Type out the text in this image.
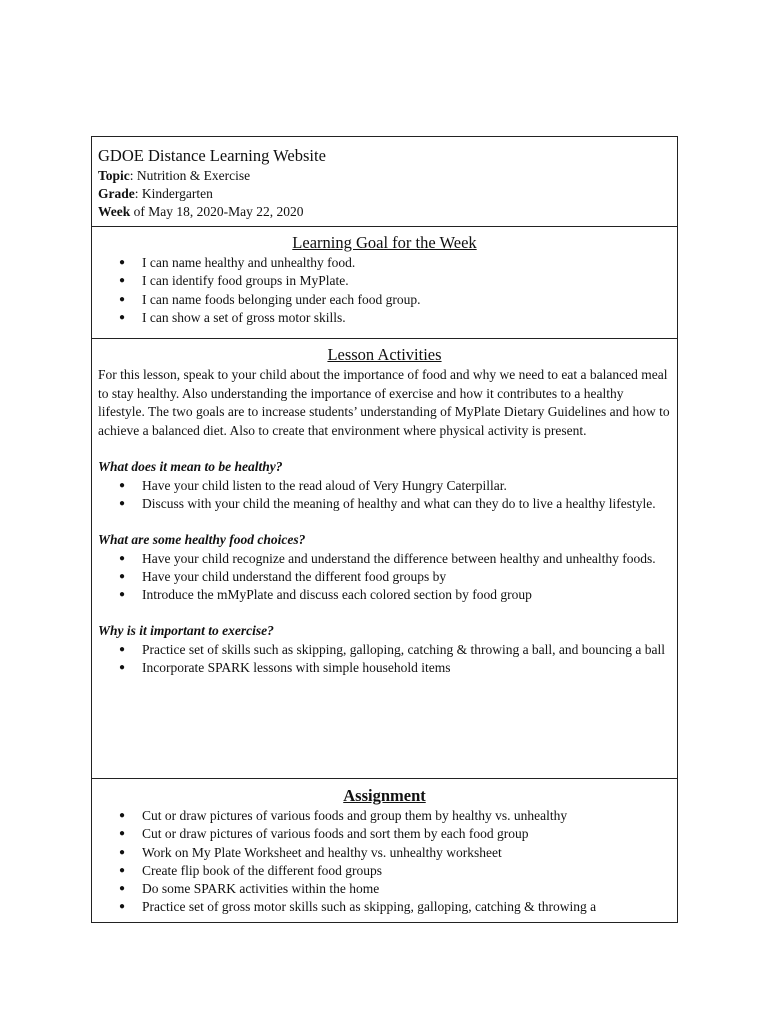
GDOE Distance Learning Website

Topic: Nutrition & Exercise

Grade: Kindergarten

Week of May 18, 2020-May 22, 2020

Learning Goal for the Week

● I can name healthy and unhealthy food.
● I can identify food groups in MyPlate.
● I can name foods belonging under each food group.
● I can show a set of gross motor skills.

Lesson Activities

For this lesson, speak to your child about the importance of food and why we need to eat a balanced meal to stay healthy. Also understanding the importance of exercise and how it contributes to a healthy lifestyle. The two goals are to increase students’ understanding of MyPlate Dietary Guidelines and how to achieve a balanced diet. Also to create that environment where physical activity is present.

What does it mean to be healthy?

● Have your child listen to the read aloud of Very Hungry Caterpillar.
● Discuss with your child the meaning of healthy and what can they do to live a healthy lifestyle.

What are some healthy food choices?

● Have your child recognize and understand the difference between healthy and unhealthy foods.
● Have your child understand the different food groups by
● Introduce the mMyPlate and discuss each colored section by food group

Why is it important to exercise?

● Practice set of skills such as skipping, galloping, catching & throwing a ball, and bouncing a ball
● Incorporate SPARK lessons with simple household items

Assignment

● Cut or draw pictures of various foods and group them by healthy vs. unhealthy
● Cut or draw pictures of various foods and sort them by each food group
● Work on My Plate Worksheet and healthy vs. unhealthy worksheet
● Create flip book of the different food groups
● Do some SPARK activities within the home
● Practice set of gross motor skills such as skipping, galloping, catching & throwing a
